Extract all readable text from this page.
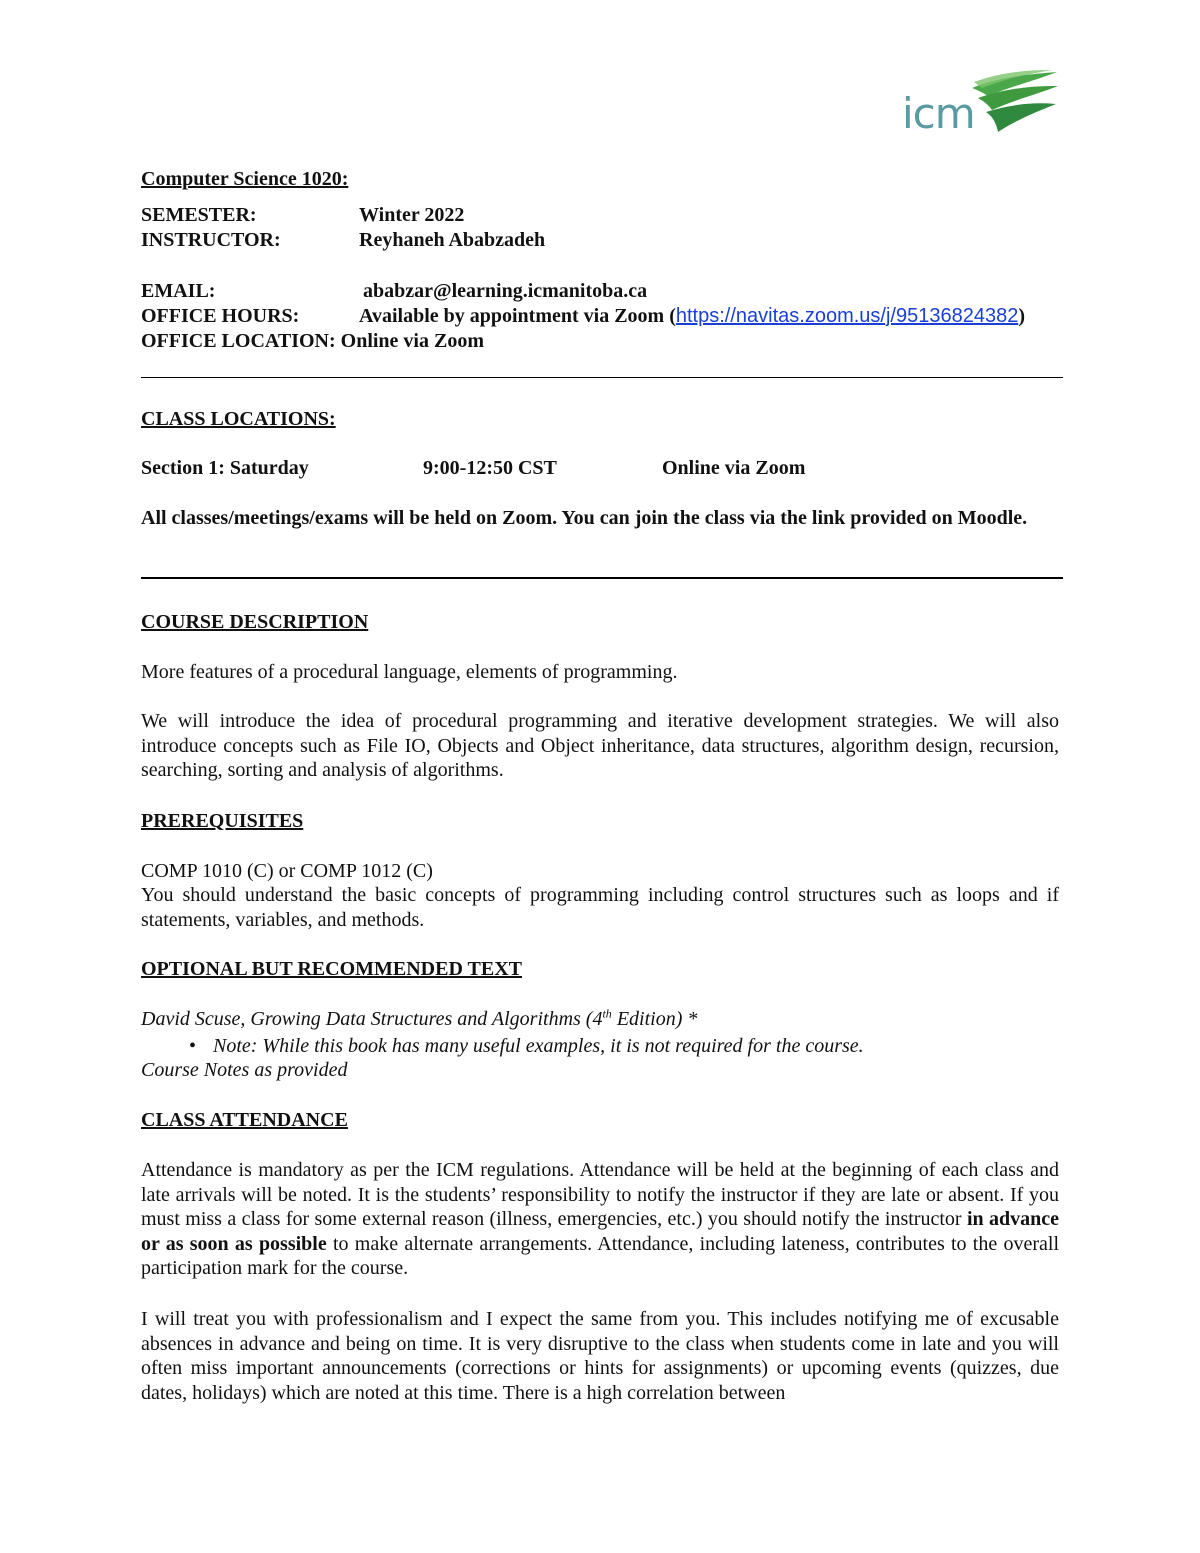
icm
Computer Science 1020:
SEMESTER:	Winter 2022
INSTRUCTOR:	Reyhaneh Ababzadeh
EMAIL:	ababzar@learning.icmanitoba.ca
OFFICE HOURS:	Available by appointment via Zoom (https://navitas.zoom.us/j/95136824382)
OFFICE LOCATION: Online via Zoom
CLASS LOCATIONS:
Section 1: Saturday	9:00-12:50 CST	Online via Zoom
All classes/meetings/exams will be held on Zoom. You can join the class via the link provided on Moodle.
COURSE DESCRIPTION
More features of a procedural language, elements of programming.
We will introduce the idea of procedural programming and iterative development strategies. We will also introduce concepts such as File IO, Objects and Object inheritance, data structures, algorithm design, recursion, searching, sorting and analysis of algorithms.
PREREQUISITES
COMP 1010 (C) or COMP 1012 (C)
You should understand the basic concepts of programming including control structures such as loops and if statements, variables, and methods.
OPTIONAL BUT RECOMMENDED TEXT
David Scuse, Growing Data Structures and Algorithms (4th Edition) *
• Note: While this book has many useful examples, it is not required for the course.
Course Notes as provided
CLASS ATTENDANCE
Attendance is mandatory as per the ICM regulations. Attendance will be held at the beginning of each class and late arrivals will be noted. It is the students’ responsibility to notify the instructor if they are late or absent. If you must miss a class for some external reason (illness, emergencies, etc.) you should notify the instructor in advance or as soon as possible to make alternate arrangements. Attendance, including lateness, contributes to the overall participation mark for the course.
I will treat you with professionalism and I expect the same from you. This includes notifying me of excusable absences in advance and being on time. It is very disruptive to the class when students come in late and you will often miss important announcements (corrections or hints for assignments) or upcoming events (quizzes, due dates, holidays) which are noted at this time. There is a high correlation between
